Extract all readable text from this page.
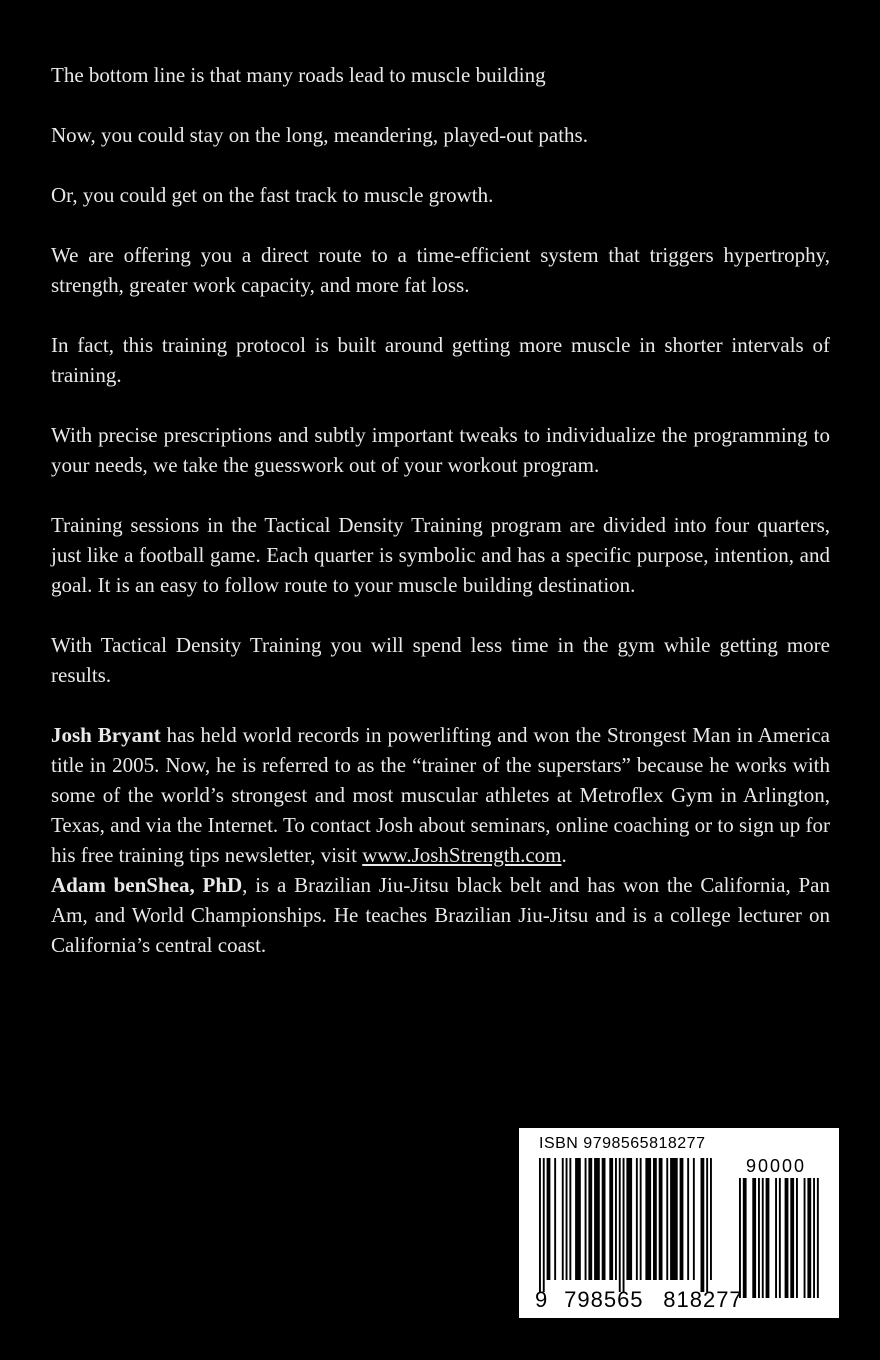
The bottom line is that many roads lead to muscle building

Now, you could stay on the long, meandering, played-out paths.

Or, you could get on the fast track to muscle growth.

We are offering you a direct route to a time-efficient system that triggers hypertrophy, strength, greater work capacity, and more fat loss.

In fact, this training protocol is built around getting more muscle in shorter intervals of training.

With precise prescriptions and subtly important tweaks to individualize the programming to your needs, we take the guesswork out of your workout program.

Training sessions in the Tactical Density Training program are divided into four quarters, just like a football game. Each quarter is symbolic and has a specific purpose, intention, and goal. It is an easy to follow route to your muscle building destination.

With Tactical Density Training you will spend less time in the gym while getting more results.

Josh Bryant has held world records in powerlifting and won the Strongest Man in America title in 2005. Now, he is referred to as the “trainer of the superstars” because he works with some of the world’s strongest and most muscular athletes at Metroflex Gym in Arlington, Texas, and via the Internet. To contact Josh about seminars, online coaching or to sign up for his free training tips newsletter, visit www.JoshStrength.com.

Adam benShea, PhD, is a Brazilian Jiu-Jitsu black belt and has won the California, Pan Am, and World Championships. He teaches Brazilian Jiu-Jitsu and is a college lecturer on California’s central coast.

ISBN 9798565818277
90000
9 798565 818277
